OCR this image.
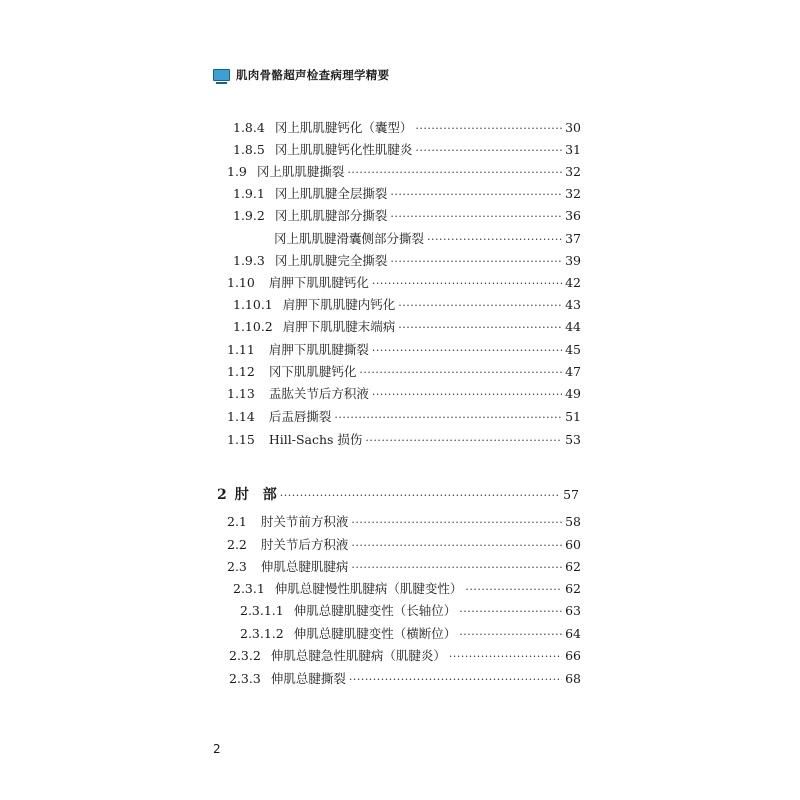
肌肉骨骼超声检查病理学精要
1.8.4 冈上肌肌腱钙化（囊型） ·····	30
1.8.5 冈上肌肌腱钙化性肌腱炎 ·····	31
1.9 冈上肌肌腱撕裂 ·····	32
1.9.1 冈上肌肌腱全层撕裂 ·····	32
1.9.2 冈上肌肌腱部分撕裂 ·····	36
冈上肌肌腱滑囊侧部分撕裂 ·····	37
1.9.3 冈上肌肌腱完全撕裂 ·····	39
1.10 肩胛下肌肌腱钙化 ·····	42
1.10.1 肩胛下肌肌腱内钙化 ·····	43
1.10.2 肩胛下肌肌腱末端病 ·····	44
1.11 肩胛下肌肌腱撕裂 ·····	45
1.12 冈下肌肌腱钙化 ·····	47
1.13 盂肱关节后方积液 ·····	49
1.14 后盂唇撕裂 ·····	51
1.15 Hill-Sachs 损伤 ·····	53
2 肘　部 ·····	57
2.1 肘关节前方积液 ·····	58
2.2 肘关节后方积液 ·····	60
2.3 伸肌总腱肌腱病 ·····	62
2.3.1 伸肌总腱慢性肌腱病（肌腱变性） ·····	62
2.3.1.1 伸肌总腱肌腱变性（长轴位） ·····	63
2.3.1.2 伸肌总腱肌腱变性（横断位） ·····	64
2.3.2 伸肌总腱急性肌腱病（肌腱炎） ·····	66
2.3.3 伸肌总腱撕裂 ·····	68
2
